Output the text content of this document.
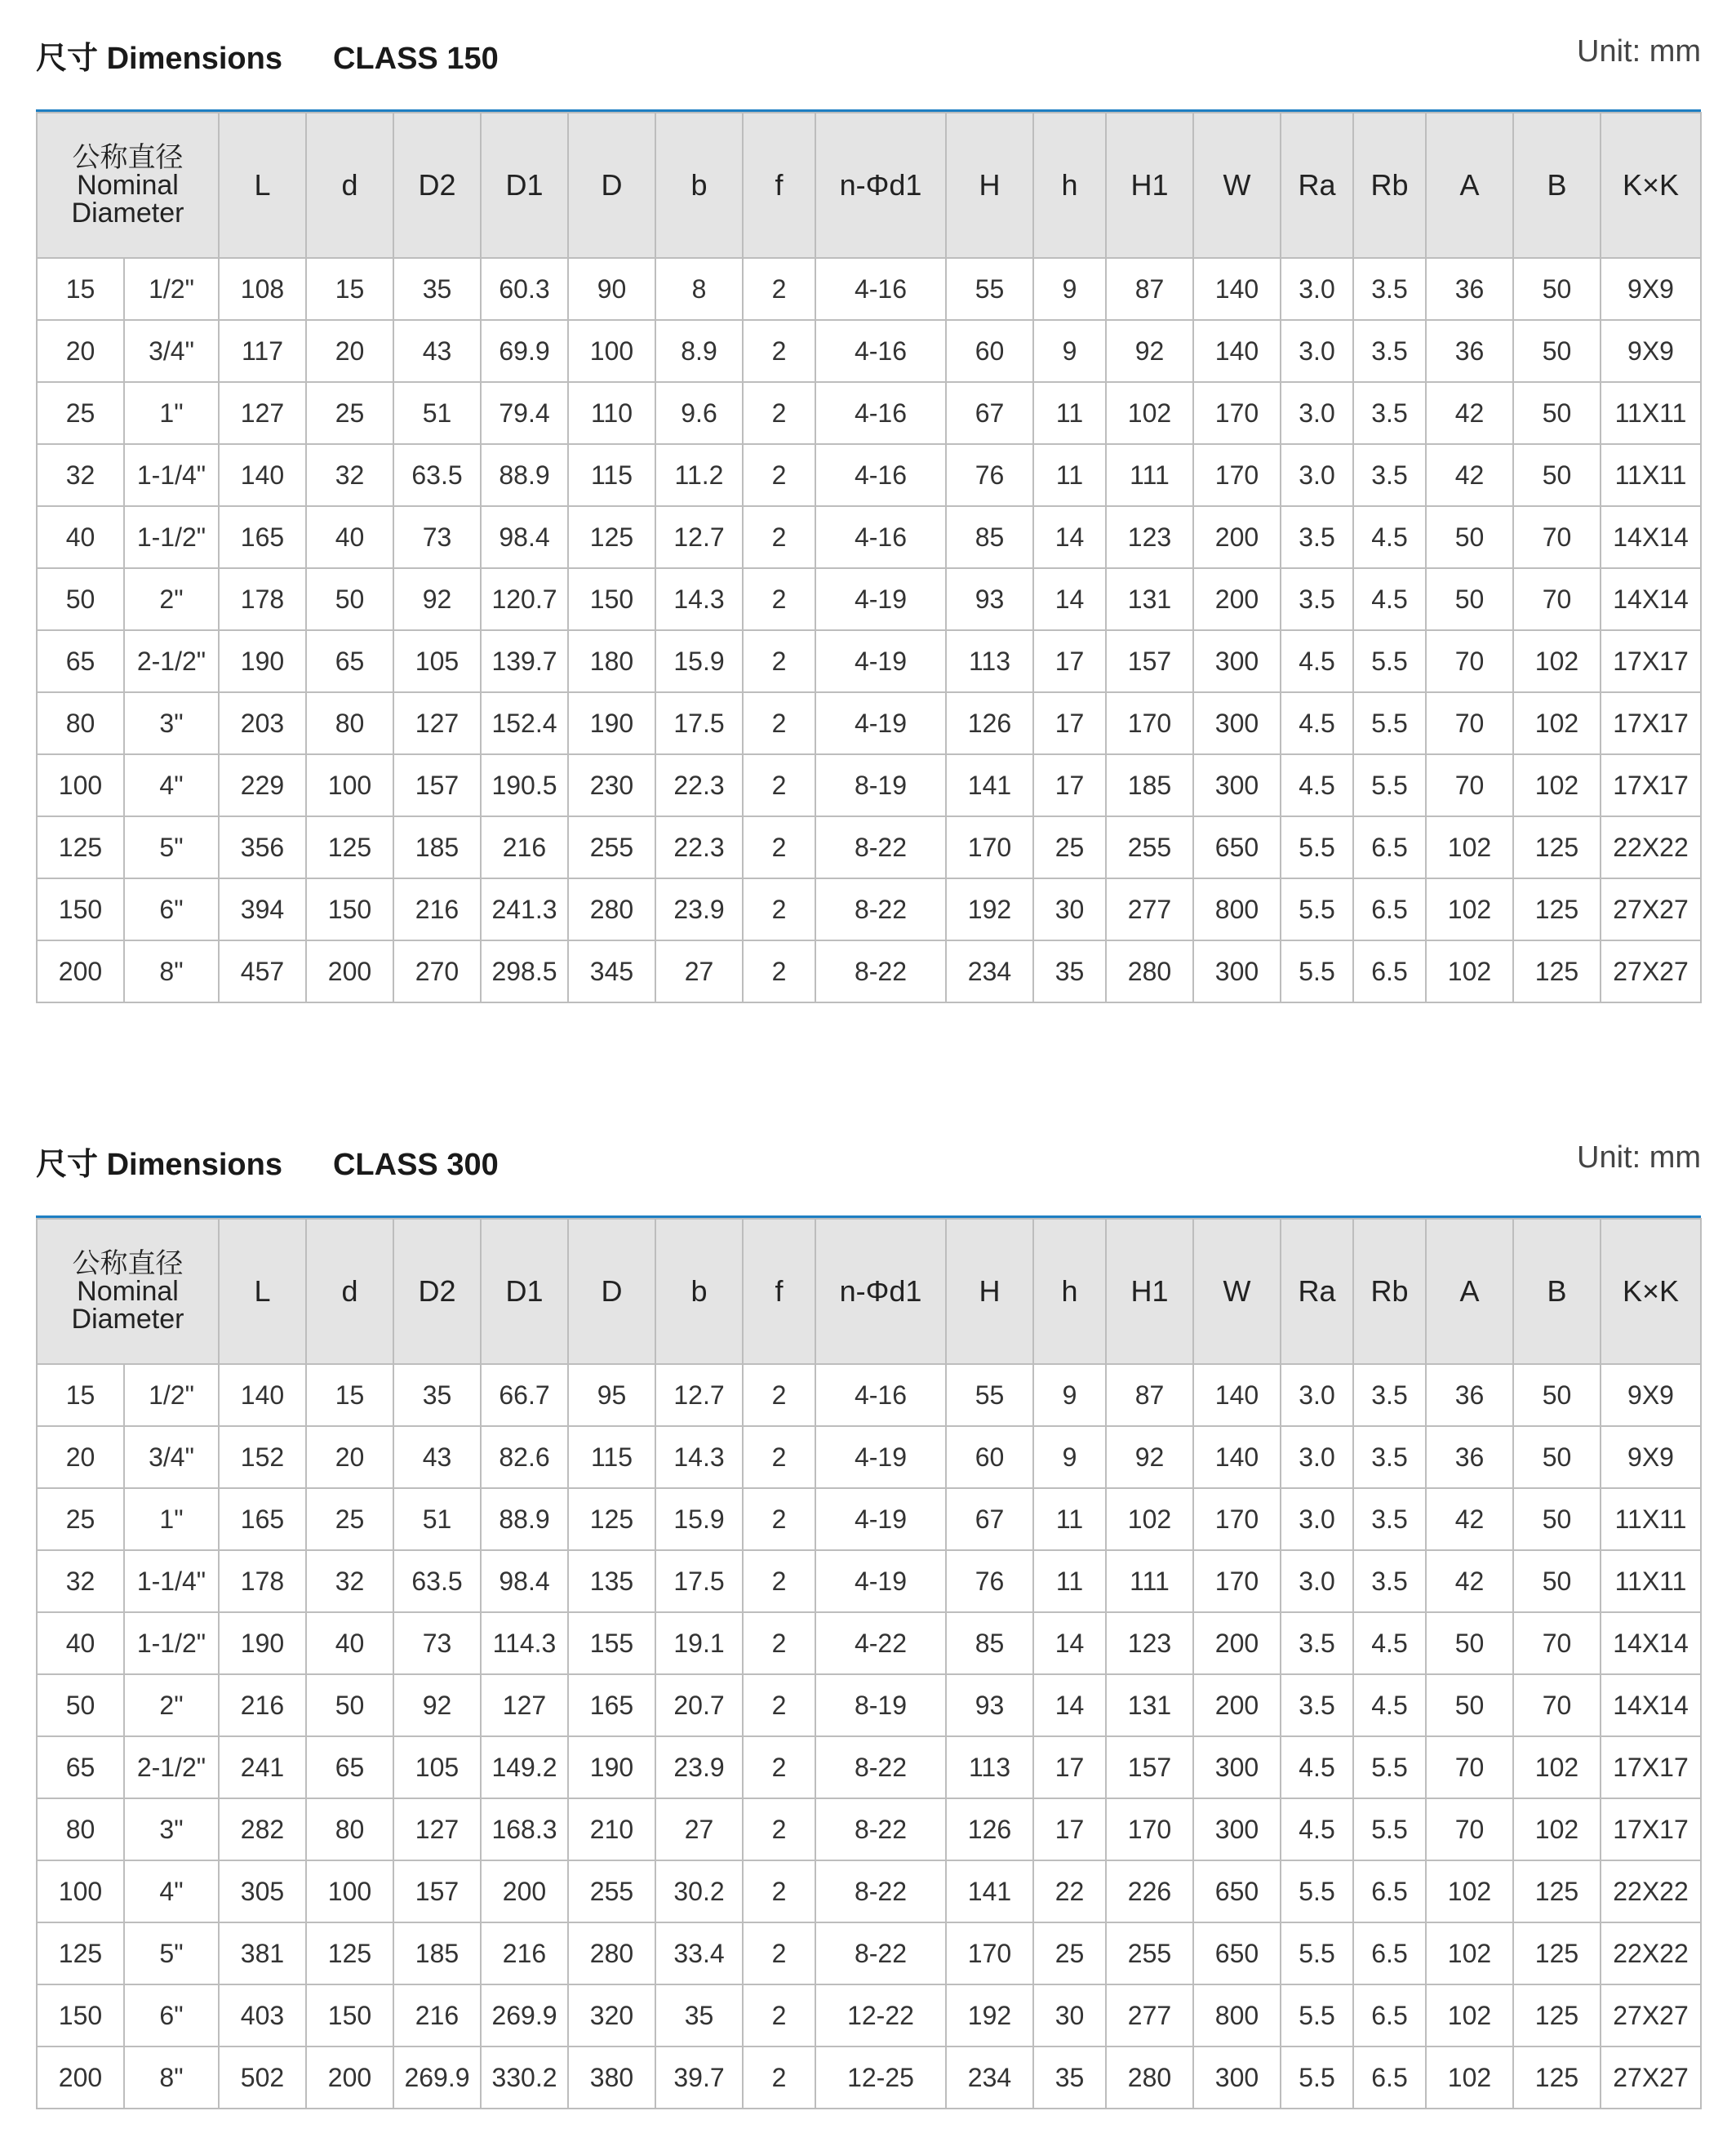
尺寸 Dimensions CLASS 150	Unit: mm
公称直径
Nominal
Diameter		L	d	D2	D1	D	b	f	n-Φd1	H	h	H1	W	Ra	Rb	A	B	K×K
15	1/2"	108	15	35	60.3	90	8	2	4-16	55	9	87	140	3.0	3.5	36	50	9X9
20	3/4"	117	20	43	69.9	100	8.9	2	4-16	60	9	92	140	3.0	3.5	36	50	9X9
25	1"	127	25	51	79.4	110	9.6	2	4-16	67	11	102	170	3.0	3.5	42	50	11X11
32	1-1/4"	140	32	63.5	88.9	115	11.2	2	4-16	76	11	111	170	3.0	3.5	42	50	11X11
40	1-1/2"	165	40	73	98.4	125	12.7	2	4-16	85	14	123	200	3.5	4.5	50	70	14X14
50	2"	178	50	92	120.7	150	14.3	2	4-19	93	14	131	200	3.5	4.5	50	70	14X14
65	2-1/2"	190	65	105	139.7	180	15.9	2	4-19	113	17	157	300	4.5	5.5	70	102	17X17
80	3"	203	80	127	152.4	190	17.5	2	4-19	126	17	170	300	4.5	5.5	70	102	17X17
100	4"	229	100	157	190.5	230	22.3	2	8-19	141	17	185	300	4.5	5.5	70	102	17X17
125	5"	356	125	185	216	255	22.3	2	8-22	170	25	255	650	5.5	6.5	102	125	22X22
150	6"	394	150	216	241.3	280	23.9	2	8-22	192	30	277	800	5.5	6.5	102	125	27X27
200	8"	457	200	270	298.5	345	27	2	8-22	234	35	280	300	5.5	6.5	102	125	27X27
尺寸 Dimensions CLASS 300	Unit: mm
公称直径
Nominal
Diameter		L	d	D2	D1	D	b	f	n-Φd1	H	h	H1	W	Ra	Rb	A	B	K×K
15	1/2"	140	15	35	66.7	95	12.7	2	4-16	55	9	87	140	3.0	3.5	36	50	9X9
20	3/4"	152	20	43	82.6	115	14.3	2	4-19	60	9	92	140	3.0	3.5	36	50	9X9
25	1"	165	25	51	88.9	125	15.9	2	4-19	67	11	102	170	3.0	3.5	42	50	11X11
32	1-1/4"	178	32	63.5	98.4	135	17.5	2	4-19	76	11	111	170	3.0	3.5	42	50	11X11
40	1-1/2"	190	40	73	114.3	155	19.1	2	4-22	85	14	123	200	3.5	4.5	50	70	14X14
50	2"	216	50	92	127	165	20.7	2	8-19	93	14	131	200	3.5	4.5	50	70	14X14
65	2-1/2"	241	65	105	149.2	190	23.9	2	8-22	113	17	157	300	4.5	5.5	70	102	17X17
80	3"	282	80	127	168.3	210	27	2	8-22	126	17	170	300	4.5	5.5	70	102	17X17
100	4"	305	100	157	200	255	30.2	2	8-22	141	22	226	650	5.5	6.5	102	125	22X22
125	5"	381	125	185	216	280	33.4	2	8-22	170	25	255	650	5.5	6.5	102	125	22X22
150	6"	403	150	216	269.9	320	35	2	12-22	192	30	277	800	5.5	6.5	102	125	27X27
200	8"	502	200	269.9	330.2	380	39.7	2	12-25	234	35	280	300	5.5	6.5	102	125	27X27
